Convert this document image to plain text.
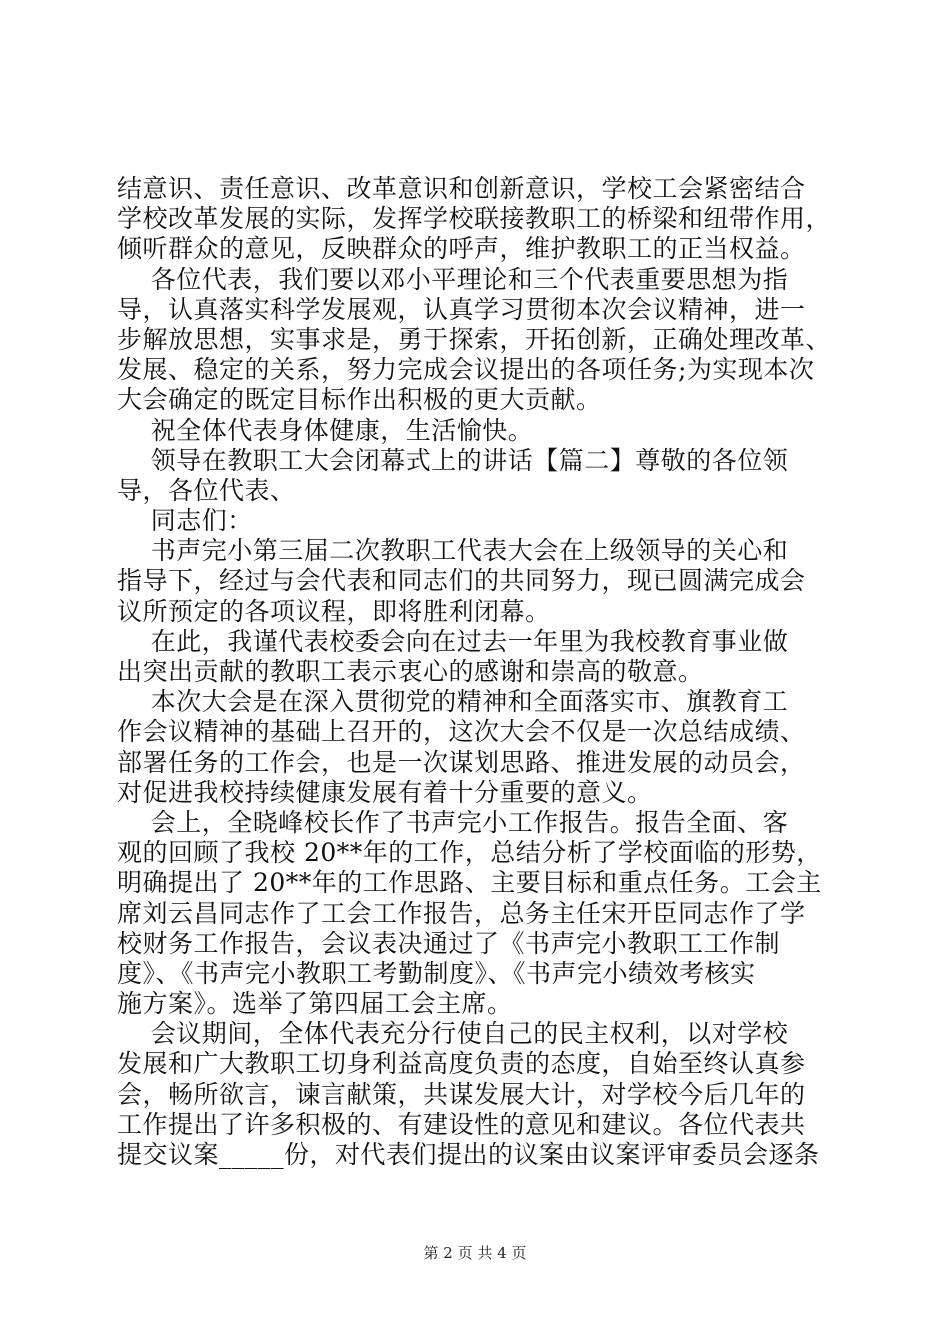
结意识、责任意识、改革意识和创新意识，学校工会紧密结合
学校改革发展的实际，发挥学校联接教职工的桥梁和纽带作用，
倾听群众的意见，反映群众的呼声，维护教职工的正当权益。
各位代表，我们要以邓小平理论和三个代表重要思想为指
导，认真落实科学发展观，认真学习贯彻本次会议精神，进一
步解放思想，实事求是，勇于探索，开拓创新，正确处理改革、
发展、稳定的关系，努力完成会议提出的各项任务;为实现本次
大会确定的既定目标作出积极的更大贡献。
祝全体代表身体健康，生活愉快。
领导在教职工大会闭幕式上的讲话【篇二】尊敬的各位领
导，各位代表、
同志们：
书声完小第三届二次教职工代表大会在上级领导的关心和
指导下，经过与会代表和同志们的共同努力，现已圆满完成会
议所预定的各项议程，即将胜利闭幕。
在此，我谨代表校委会向在过去一年里为我校教育事业做
出突出贡献的教职工表示衷心的感谢和崇高的敬意。
本次大会是在深入贯彻党的精神和全面落实市、旗教育工
作会议精神的基础上召开的，这次大会不仅是一次总结成绩、
部署任务的工作会，也是一次谋划思路、推进发展的动员会，
对促进我校持续健康发展有着十分重要的意义。
会上，全晓峰校长作了书声完小工作报告。报告全面、客
观的回顾了我校 20**年的工作，总结分析了学校面临的形势，
明确提出了 20**年的工作思路、主要目标和重点任务。工会主
席刘云昌同志作了工会工作报告，总务主任宋开臣同志作了学
校财务工作报告，会议表决通过了《书声完小教职工工作制
度》、《书声完小教职工考勤制度》、《书声完小绩效考核实
施方案》。选举了第四届工会主席。
会议期间，全体代表充分行使自己的民主权利，以对学校
发展和广大教职工切身利益高度负责的态度，自始至终认真参
会，畅所欲言，谏言献策，共谋发展大计，对学校今后几年的
工作提出了许多积极的、有建设性的意见和建议。各位代表共
提交议案_____份，对代表们提出的议案由议案评审委员会逐条
第 2 页 共 4 页
